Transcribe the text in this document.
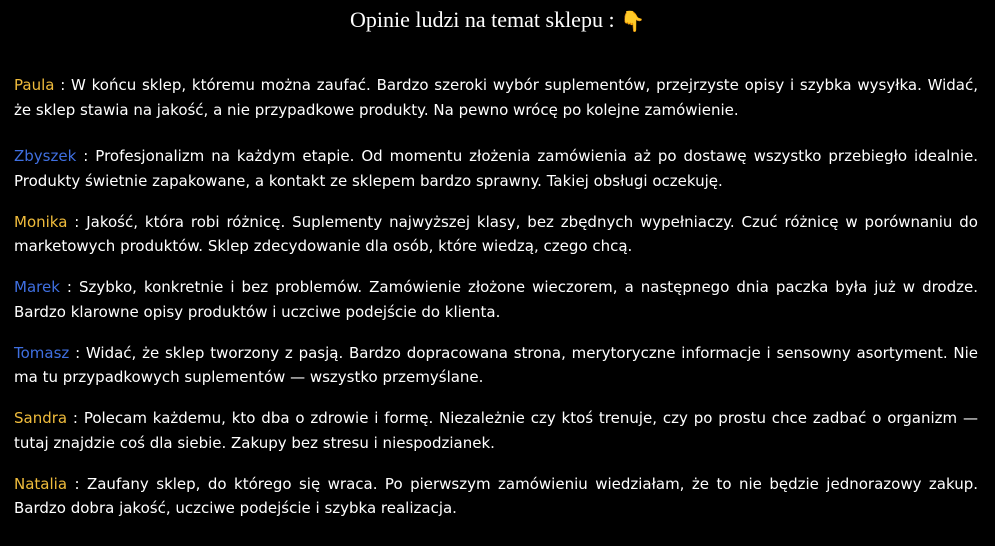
Opinie ludzi na temat sklepu : 👇

Paula : W końcu sklep, któremu można zaufać. Bardzo szeroki wybór suplementów, przejrzyste opisy i szybka wysyłka. Widać, że sklep stawia na jakość, a nie przypadkowe produkty. Na pewno wrócę po kolejne zamówienie.

Zbyszek : Profesjonalizm na każdym etapie. Od momentu złożenia zamówienia aż po dostawę wszystko przebiegło idealnie. Produkty świetnie zapakowane, a kontakt ze sklepem bardzo sprawny. Takiej obsługi oczekuję.

Monika : Jakość, która robi różnicę. Suplementy najwyższej klasy, bez zbędnych wypełniaczy. Czuć różnicę w porównaniu do marketowych produktów. Sklep zdecydowanie dla osób, które wiedzą, czego chcą.

Marek : Szybko, konkretnie i bez problemów. Zamówienie złożone wieczorem, a następnego dnia paczka była już w drodze. Bardzo klarowne opisy produktów i uczciwe podejście do klienta.

Tomasz : Widać, że sklep tworzony z pasją. Bardzo dopracowana strona, merytoryczne informacje i sensowny asortyment. Nie ma tu przypadkowych suplementów — wszystko przemyślane.

Sandra : Polecam każdemu, kto dba o zdrowie i formę. Niezależnie czy ktoś trenuje, czy po prostu chce zadbać o organizm — tutaj znajdzie coś dla siebie. Zakupy bez stresu i niespodzianek.

Natalia : Zaufany sklep, do którego się wraca. Po pierwszym zamówieniu wiedziałam, że to nie będzie jednorazowy zakup. Bardzo dobra jakość, uczciwe podejście i szybka realizacja.
